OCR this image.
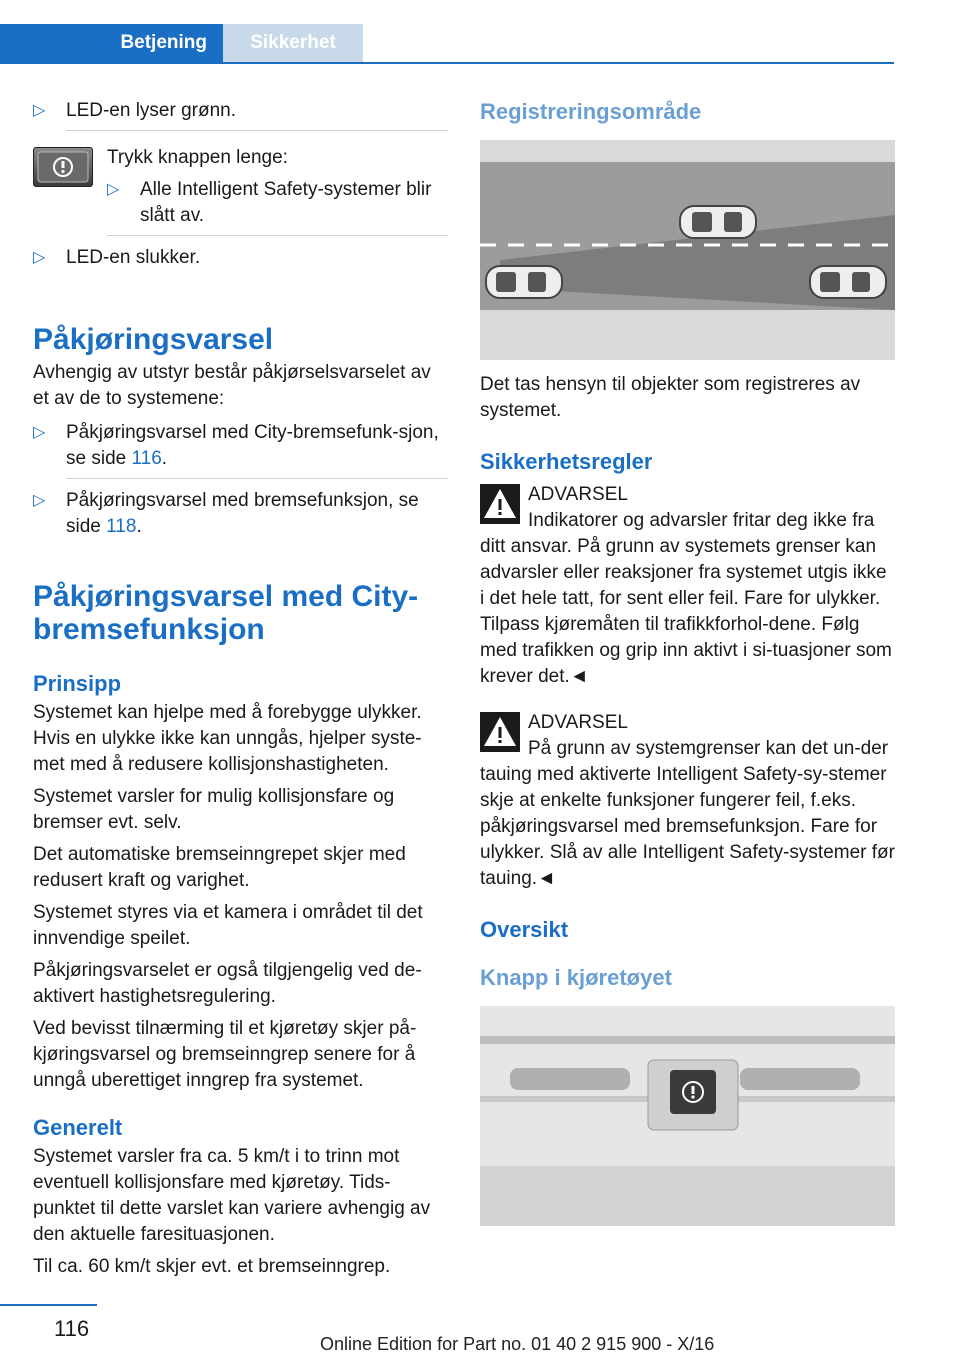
Betjening	Sikkerhet
▷ LED-en lyser grønn.

Trykk knappen lenge:

▷ Alle Intelligent Safety-systemer blir slått av.
▷ LED-en slukker.
Påkjøringsvarsel

Avhengig av utstyr består påkjørselsvarselet av et av de to systemene:

▷ Påkjøringsvarsel med City-bremsefunk-sjon, se side 116.
▷ Påkjøringsvarsel med bremsefunksjon, se side 118.
Påkjøringsvarsel med City-bremsefunksjon
Prinsipp

Systemet kan hjelpe med å forebygge ulykker. Hvis en ulykke ikke kan unngås, hjelper syste-met med å redusere kollisjonshastigheten.

Systemet varsler for mulig kollisjonsfare og bremser evt. selv.

Det automatiske bremseinngrepet skjer med redusert kraft og varighet.

Systemet styres via et kamera i området til det innvendige speilet.

Påkjøringsvarselet er også tilgjengelig ved de-aktivert hastighetsregulering.

Ved bevisst tilnærming til et kjøretøy skjer på-kjøringsvarsel og bremseinngrep senere for å unngå uberettiget inngrep fra systemet.

Generelt

Systemet varsler fra ca. 5 km/t i to trinn mot eventuell kollisjonsfare med kjøretøy. Tids-punktet til dette varslet kan variere avhengig av den aktuelle faresituasjonen.

Til ca. 60 km/t skjer evt. et bremseinngrep.

Registreringsområde

Det tas hensyn til objekter som registreres av systemet.

Sikkerhetsregler
ADVARSEL

Indikatorer og advarsler fritar deg ikke fra ditt ansvar. På grunn av systemets grenser kan advarsler eller reaksjoner fra systemet utgis ikke i det hele tatt, for sent eller feil. Fare for ulykker. Tilpass kjøremåten til trafikkforhol-dene. Følg med trafikken og grip inn aktivt i si-tuasjoner som krever det.◄

ADVARSEL

På grunn av systemgrenser kan det un-der tauing med aktiverte Intelligent Safety-sy-stemer skje at enkelte funksjoner fungerer feil, f.eks. påkjøringsvarsel med bremsefunksjon. Fare for ulykker. Slå av alle Intelligent Safety-systemer før tauing.◄

Oversikt
Knapp i kjøretøyet
116
Online Edition for Part no. 01 40 2 915 900 - X/16
